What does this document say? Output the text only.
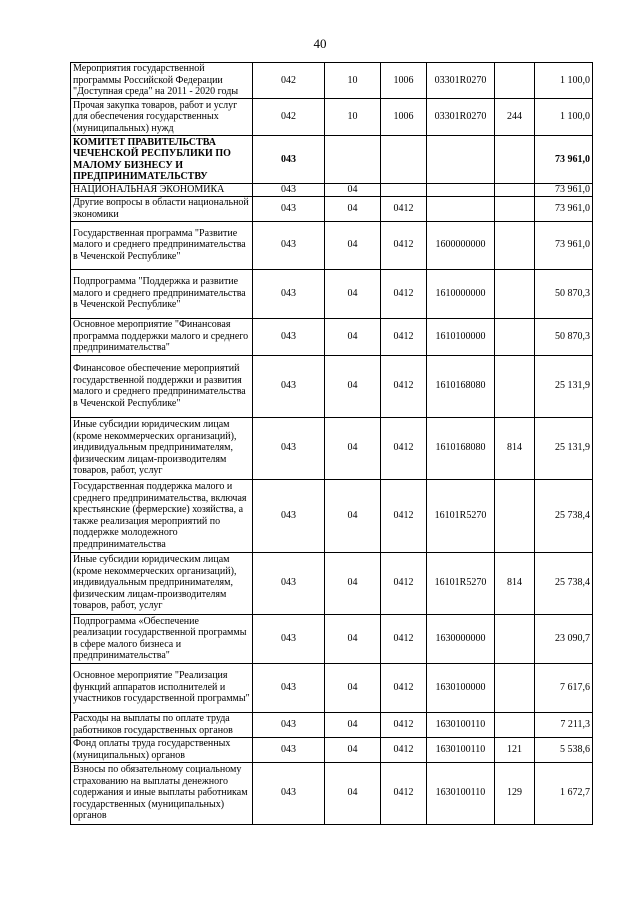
40
Мероприятия государственной программы Российской Федерации "Доступная среда" на 2011 - 2020 годы	042	10	1006	03301R0270		1 100,0
Прочая закупка товаров, работ и услуг для обеспечения государственных (муниципальных) нужд	042	10	1006	03301R0270	244	1 100,0
КОМИТЕТ ПРАВИТЕЛЬСТВА ЧЕЧЕНСКОЙ РЕСПУБЛИКИ ПО МАЛОМУ БИЗНЕСУ И ПРЕДПРИНИМАТЕЛЬСТВУ	043					73 961,0
НАЦИОНАЛЬНАЯ ЭКОНОМИКА	043	04				73 961,0
Другие вопросы в области национальной экономики	043	04	0412			73 961,0
Государственная программа "Развитие малого и среднего предпринимательства в Чеченской Республике"	043	04	0412	1600000000		73 961,0
Подпрограмма "Поддержка и развитие малого и среднего предпринимательства в Чеченской Республике"	043	04	0412	1610000000		50 870,3
Основное мероприятие "Финансовая программа поддержки малого и среднего предпринимательства"	043	04	0412	1610100000		50 870,3
Финансовое обеспечение мероприятий государственной поддержки и развития малого и среднего предпринимательства в Чеченской Республике"	043	04	0412	1610168080		25 131,9
Иные субсидии юридическим лицам (кроме некоммерческих организаций), индивидуальным предпринимателям, физическим лицам-производителям товаров, работ, услуг	043	04	0412	1610168080	814	25 131,9
Государственная поддержка малого и среднего предпринимательства, включая крестьянские (фермерские) хозяйства, а также реализация мероприятий по поддержке молодежного предпринимательства	043	04	0412	16101R5270		25 738,4
Иные субсидии юридическим лицам (кроме некоммерческих организаций), индивидуальным предпринимателям, физическим лицам-производителям товаров, работ, услуг	043	04	0412	16101R5270	814	25 738,4
Подпрограмма «Обеспечение реализации государственной программы в сфере малого бизнеса и предпринимательства"	043	04	0412	1630000000		23 090,7
Основное мероприятие "Реализация функций аппаратов исполнителей и участников государственной программы"	043	04	0412	1630100000		7 617,6
Расходы на выплаты по оплате труда работников государственных органов	043	04	0412	1630100110		7 211,3
Фонд оплаты труда государственных (муниципальных) органов	043	04	0412	1630100110	121	5 538,6
Взносы по обязательному социальному страхованию на выплаты денежного содержания и иные выплаты работникам государственных (муниципальных) органов	043	04	0412	1630100110	129	1 672,7
